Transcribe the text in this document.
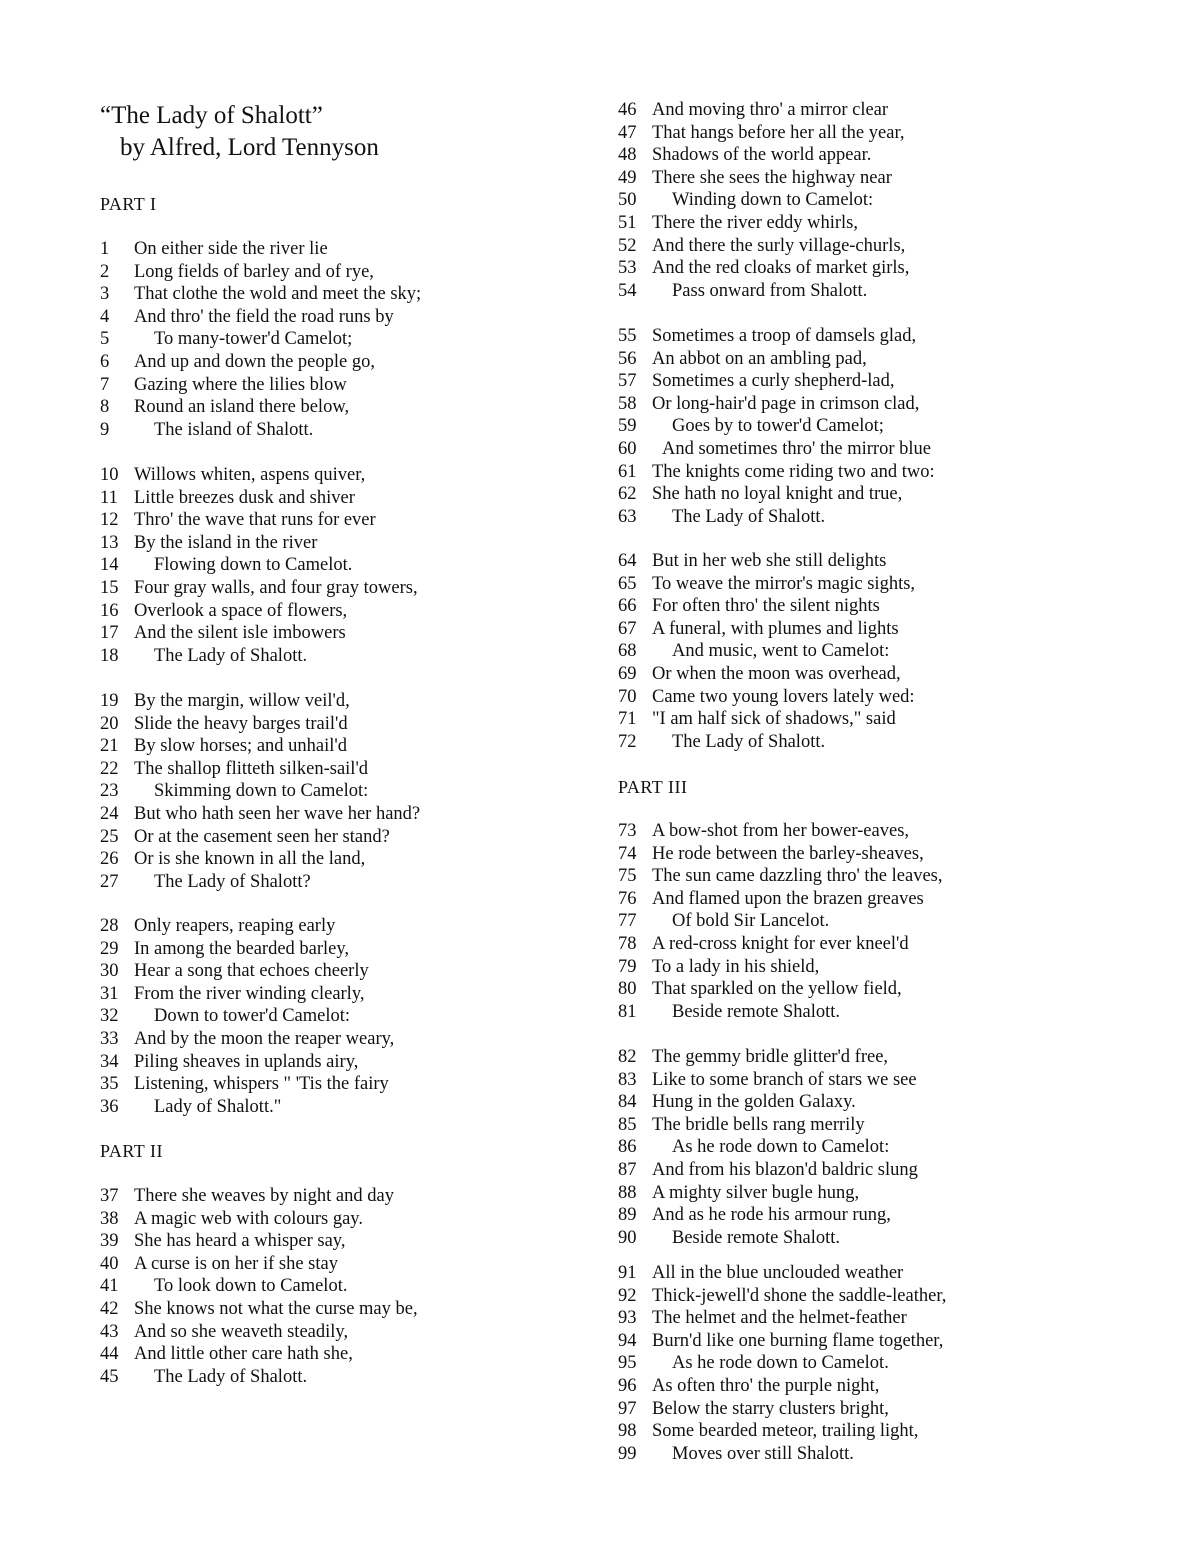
“The Lady of Shalott”
by Alfred, Lord Tennyson
PART I
1 On either side the river lie
2 Long fields of barley and of rye,
3 That clothe the wold and meet the sky;
4 And thro' the field the road runs by
5 To many-tower'd Camelot;
6 And up and down the people go,
7 Gazing where the lilies blow
8 Round an island there below,
9 The island of Shalott.
10 Willows whiten, aspens quiver,
11 Little breezes dusk and shiver
12 Thro' the wave that runs for ever
13 By the island in the river
14 Flowing down to Camelot.
15 Four gray walls, and four gray towers,
16 Overlook a space of flowers,
17 And the silent isle imbowers
18 The Lady of Shalott.
19 By the margin, willow veil'd,
20 Slide the heavy barges trail'd
21 By slow horses; and unhail'd
22 The shallop flitteth silken-sail'd
23 Skimming down to Camelot:
24 But who hath seen her wave her hand?
25 Or at the casement seen her stand?
26 Or is she known in all the land,
27 The Lady of Shalott?
28 Only reapers, reaping early
29 In among the bearded barley,
30 Hear a song that echoes cheerly
31 From the river winding clearly,
32 Down to tower'd Camelot:
33 And by the moon the reaper weary,
34 Piling sheaves in uplands airy,
35 Listening, whispers " 'Tis the fairy
36 Lady of Shalott."
PART II
37 There she weaves by night and day
38 A magic web with colours gay.
39 She has heard a whisper say,
40 A curse is on her if she stay
41 To look down to Camelot.
42 She knows not what the curse may be,
43 And so she weaveth steadily,
44 And little other care hath she,
45 The Lady of Shalott.
46 And moving thro' a mirror clear
47 That hangs before her all the year,
48 Shadows of the world appear.
49 There she sees the highway near
50 Winding down to Camelot:
51 There the river eddy whirls,
52 And there the surly village-churls,
53 And the red cloaks of market girls,
54 Pass onward from Shalott.
55 Sometimes a troop of damsels glad,
56 An abbot on an ambling pad,
57 Sometimes a curly shepherd-lad,
58 Or long-hair'd page in crimson clad,
59 Goes by to tower'd Camelot;
60 And sometimes thro' the mirror blue
61 The knights come riding two and two:
62 She hath no loyal knight and true,
63 The Lady of Shalott.
64 But in her web she still delights
65 To weave the mirror's magic sights,
66 For often thro' the silent nights
67 A funeral, with plumes and lights
68 And music, went to Camelot:
69 Or when the moon was overhead,
70 Came two young lovers lately wed:
71 "I am half sick of shadows," said
72 The Lady of Shalott.
PART III
73 A bow-shot from her bower-eaves,
74 He rode between the barley-sheaves,
75 The sun came dazzling thro' the leaves,
76 And flamed upon the brazen greaves
77 Of bold Sir Lancelot.
78 A red-cross knight for ever kneel'd
79 To a lady in his shield,
80 That sparkled on the yellow field,
81 Beside remote Shalott.
82 The gemmy bridle glitter'd free,
83 Like to some branch of stars we see
84 Hung in the golden Galaxy.
85 The bridle bells rang merrily
86 As he rode down to Camelot:
87 And from his blazon'd baldric slung
88 A mighty silver bugle hung,
89 And as he rode his armour rung,
90 Beside remote Shalott.
91 All in the blue unclouded weather
92 Thick-jewell'd shone the saddle-leather,
93 The helmet and the helmet-feather
94 Burn'd like one burning flame together,
95 As he rode down to Camelot.
96 As often thro' the purple night,
97 Below the starry clusters bright,
98 Some bearded meteor, trailing light,
99 Moves over still Shalott.
